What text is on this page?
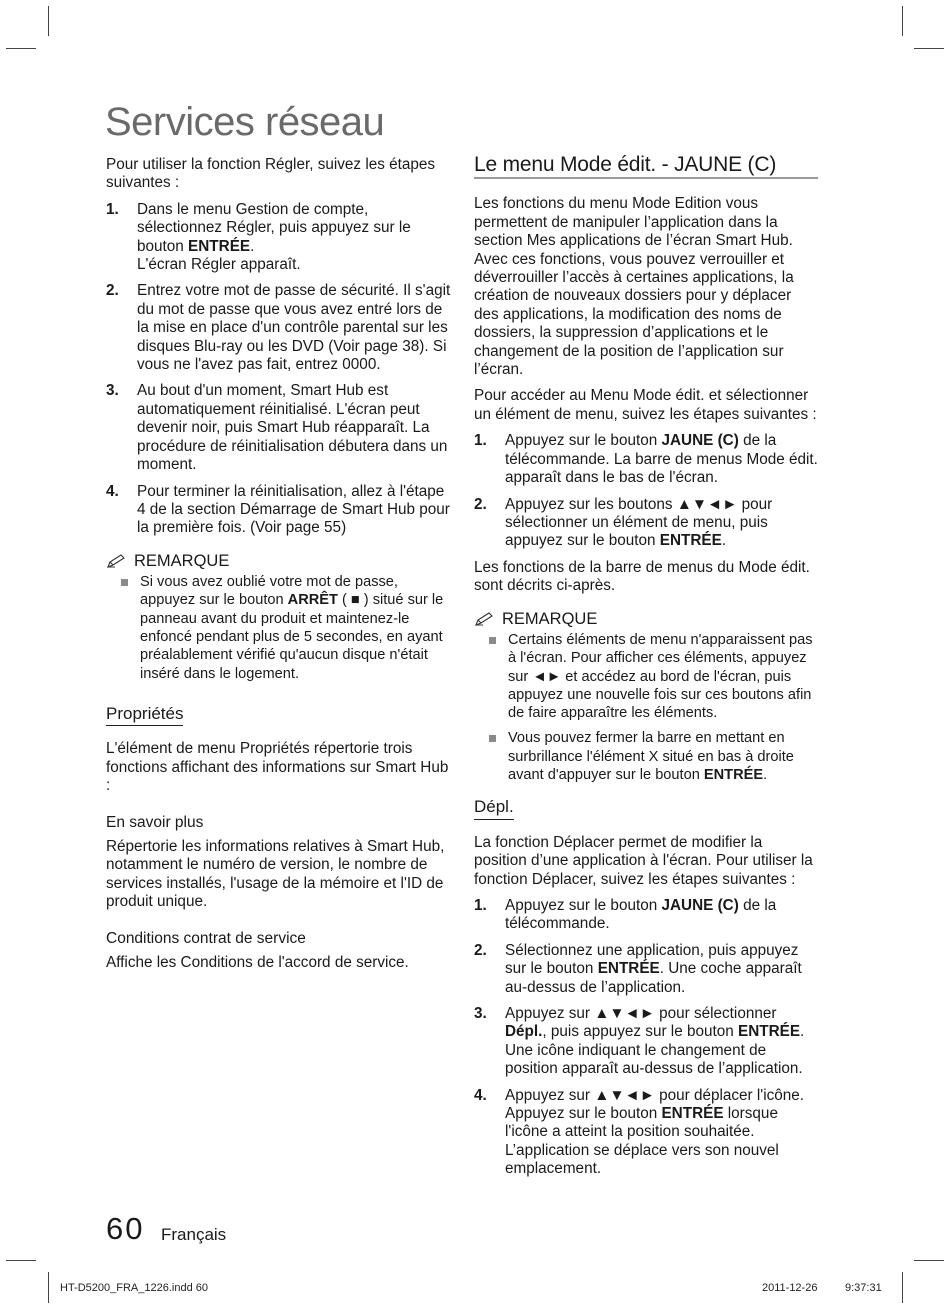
Services réseau

Pour utiliser la fonction Régler, suivez les étapes suivantes :

1. Dans le menu Gestion de compte, sélectionnez Régler, puis appuyez sur le bouton ENTRÉE.
L'écran Régler apparaît.
2. Entrez votre mot de passe de sécurité. Il s'agit du mot de passe que vous avez entré lors de la mise en place d'un contrôle parental sur les disques Blu-ray ou les DVD (Voir page 38). Si vous ne l'avez pas fait, entrez 0000.
3. Au bout d'un moment, Smart Hub est automatiquement réinitialisé. L'écran peut devenir noir, puis Smart Hub réapparaît. La procédure de réinitialisation débutera dans un moment.
4. Pour terminer la réinitialisation, allez à l'étape 4 de la section Démarrage de Smart Hub pour la première fois. (Voir page 55)
REMARQUE
Si vous avez oublié votre mot de passe, appuyez sur le bouton ARRÊT ( ■ ) situé sur le panneau avant du produit et maintenez-le enfoncé pendant plus de 5 secondes, en ayant préalablement vérifié qu'aucun disque n'était inséré dans le logement.
Propriétés

L'élément de menu Propriétés répertorie trois fonctions affichant des informations sur Smart Hub :

En savoir plus

Répertorie les informations relatives à Smart Hub, notamment le numéro de version, le nombre de services installés, l'usage de la mémoire et l'ID de produit unique.

Conditions contrat de service

Affiche les Conditions de l'accord de service.

Le menu Mode édit. - JAUNE (C)

Les fonctions du menu Mode Edition vous permettent de manipuler l’application dans la section Mes applications de l’écran Smart Hub. Avec ces fonctions, vous pouvez verrouiller et déverrouiller l’accès à certaines applications, la création de nouveaux dossiers pour y déplacer des applications, la modification des noms de dossiers, la suppression d’applications et le changement de la position de l’application sur l’écran.

Pour accéder au Menu Mode édit. et sélectionner un élément de menu, suivez les étapes suivantes :

1. Appuyez sur le bouton JAUNE (C) de la télécommande. La barre de menus Mode édit. apparaît dans le bas de l'écran.
2. Appuyez sur les boutons ▲▼◄► pour sélectionner un élément de menu, puis appuyez sur le bouton ENTRÉE.

Les fonctions de la barre de menus du Mode édit. sont décrits ci-après.

REMARQUE
Certains éléments de menu n'apparaissent pas à l'écran. Pour afficher ces éléments, appuyez sur ◄► et accédez au bord de l'écran, puis appuyez une nouvelle fois sur ces boutons afin de faire apparaître les éléments.
Vous pouvez fermer la barre en mettant en surbrillance l'élément X situé en bas à droite avant d'appuyer sur le bouton ENTRÉE.
Dépl.

La fonction Déplacer permet de modifier la position d’une application à l'écran. Pour utiliser la fonction Déplacer, suivez les étapes suivantes :

1. Appuyez sur le bouton JAUNE (C) de la télécommande.
2. Sélectionnez une application, puis appuyez sur le bouton ENTRÉE. Une coche apparaît au-dessus de l’application.
3. Appuyez sur ▲▼◄► pour sélectionner Dépl., puis appuyez sur le bouton ENTRÉE. Une icône indiquant le changement de position apparaît au-dessus de l’application.
4. Appuyez sur ▲▼◄► pour déplacer l'icône. Appuyez sur le bouton ENTRÉE lorsque l'icône a atteint la position souhaitée. L’application se déplace vers son nouvel emplacement.
60 Français
HT-D5200_FRA_1226.indd 60	2011-12-26	9:37:31
